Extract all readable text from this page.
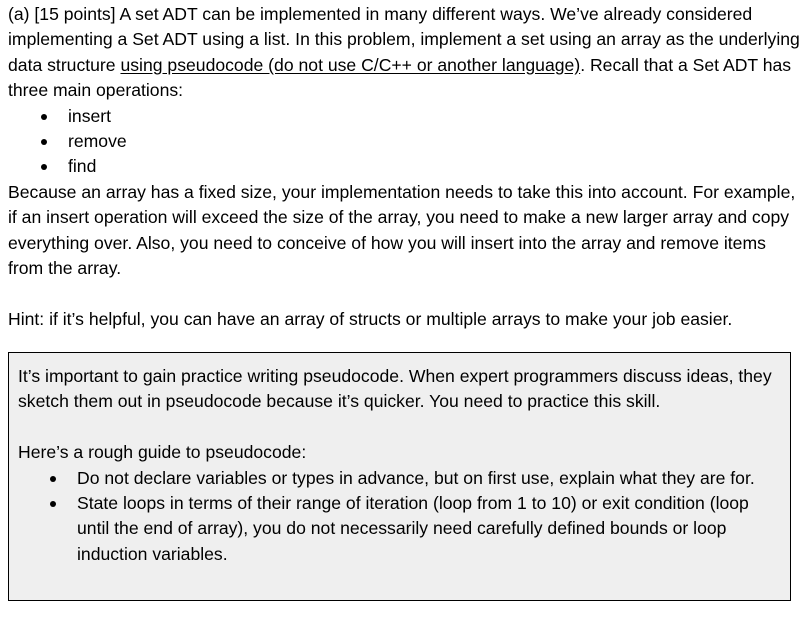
(a) [15 points] A set ADT can be implemented in many different ways. We’ve already considered implementing a Set ADT using a list. In this problem, implement a set using an array as the underlying data structure using pseudocode (do not use C/C++ or another language). Recall that a Set ADT has three main operations:

insert
remove
find

Because an array has a fixed size, your implementation needs to take this into account. For example, if an insert operation will exceed the size of the array, you need to make a new larger array and copy everything over. Also, you need to conceive of how you will insert into the array and remove items from the array.

Hint: if it’s helpful, you can have an array of structs or multiple arrays to make your job easier.

It’s important to gain practice writing pseudocode. When expert programmers discuss ideas, they sketch them out in pseudocode because it’s quicker. You need to practice this skill.

Here’s a rough guide to pseudocode:

Do not declare variables or types in advance, but on first use, explain what they are for.
State loops in terms of their range of iteration (loop from 1 to 10) or exit condition (loop until the end of array), you do not necessarily need carefully defined bounds or loop induction variables.
